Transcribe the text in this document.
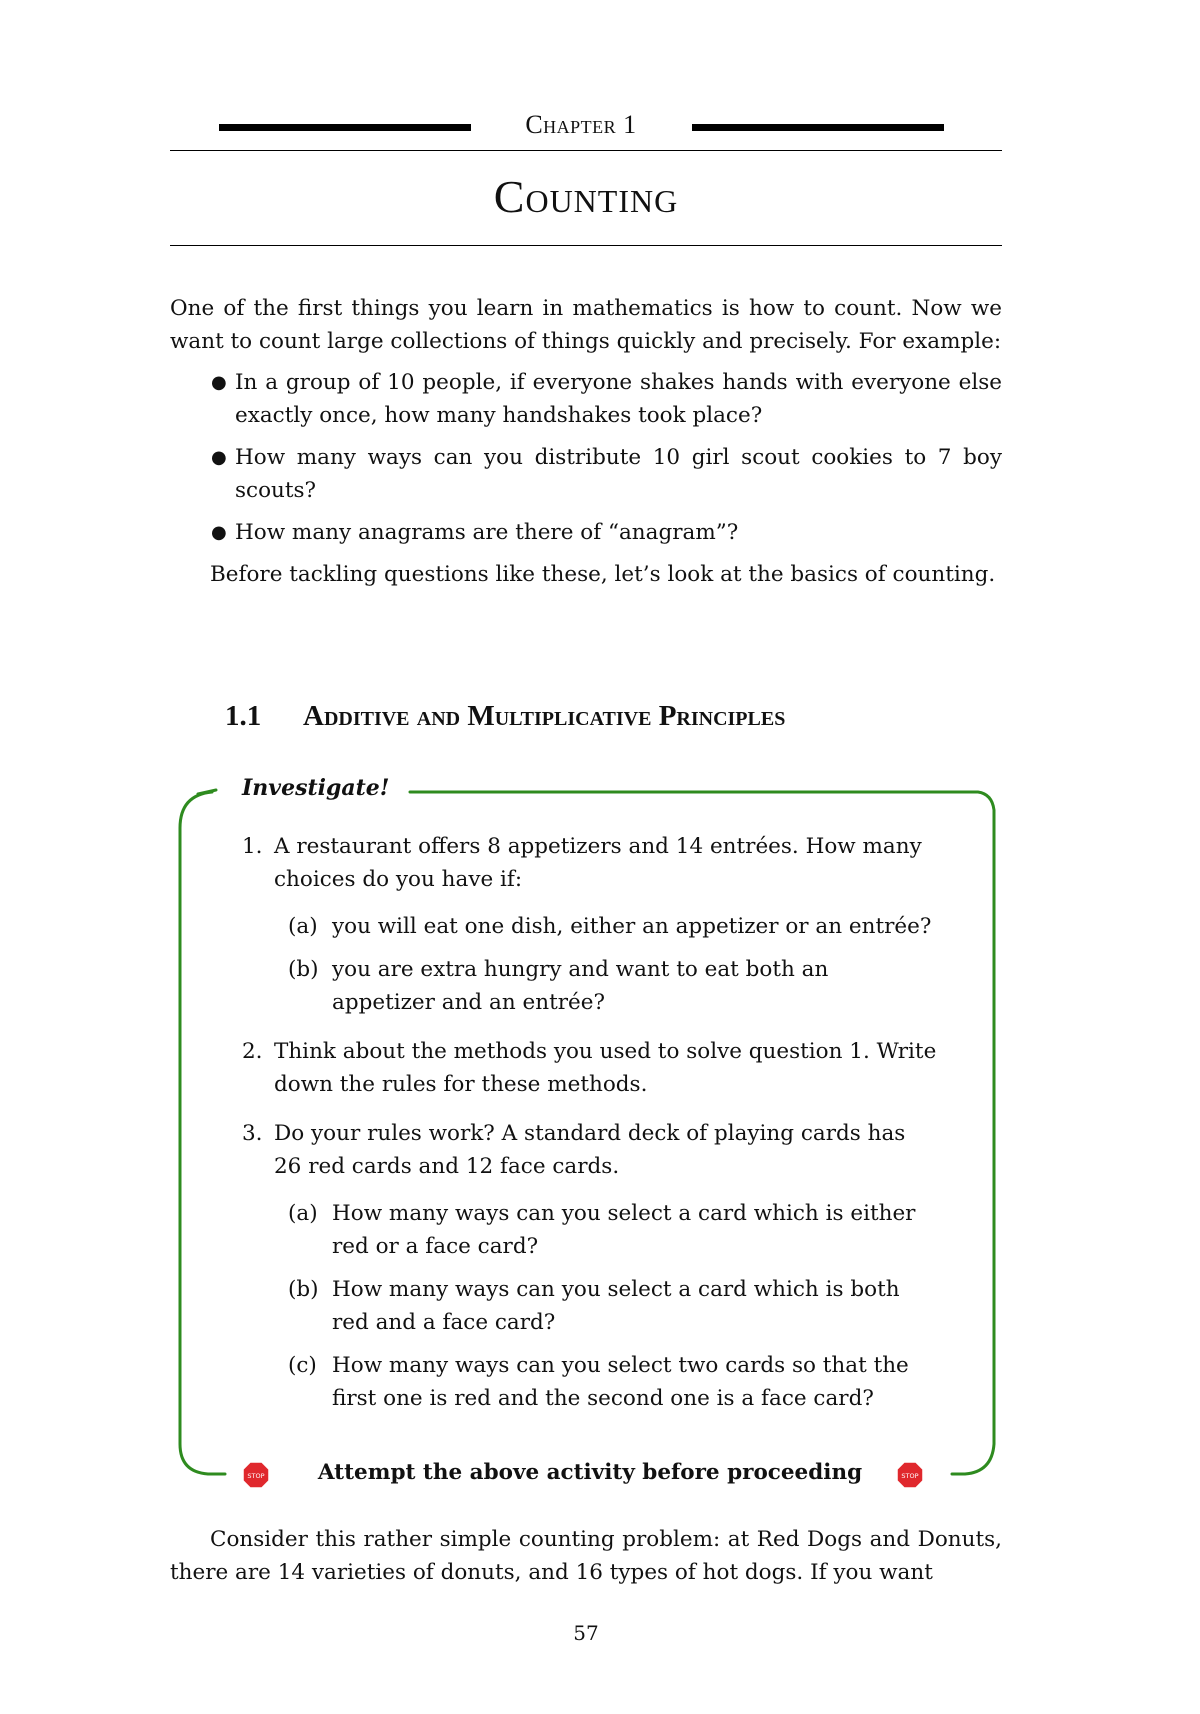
Chapter 1
Counting

One of the first things you learn in mathematics is how to count. Now we want to count large collections of things quickly and precisely. For example:

● In a group of 10 people, if everyone shakes hands with everyone else exactly once, how many handshakes took place?
● How many ways can you distribute 10 girl scout cookies to 7 boy scouts?
● How many anagrams are there of “anagram”?

Before tackling questions like these, let’s look at the basics of counting.

1.1 Additive and Multiplicative Principles
Investigate!
1. A restaurant offers 8 appetizers and 14 entrées. How many choices do you have if:
(a) you will eat one dish, either an appetizer or an entrée?
(b) you are extra hungry and want to eat both an appetizer and an entrée?
2. Think about the methods you used to solve question 1. Write down the rules for these methods.
3. Do your rules work? A standard deck of playing cards has 26 red cards and 12 face cards.
(a) How many ways can you select a card which is either red or a face card?
(b) How many ways can you select a card which is both red and a face card?
(c) How many ways can you select two cards so that the first one is red and the second one is a face card?
STOP	Attempt the above activity before proceeding	STOP

Consider this rather simple counting problem: at Red Dogs and Donuts, there are 14 varieties of donuts, and 16 types of hot dogs. If you want

57
